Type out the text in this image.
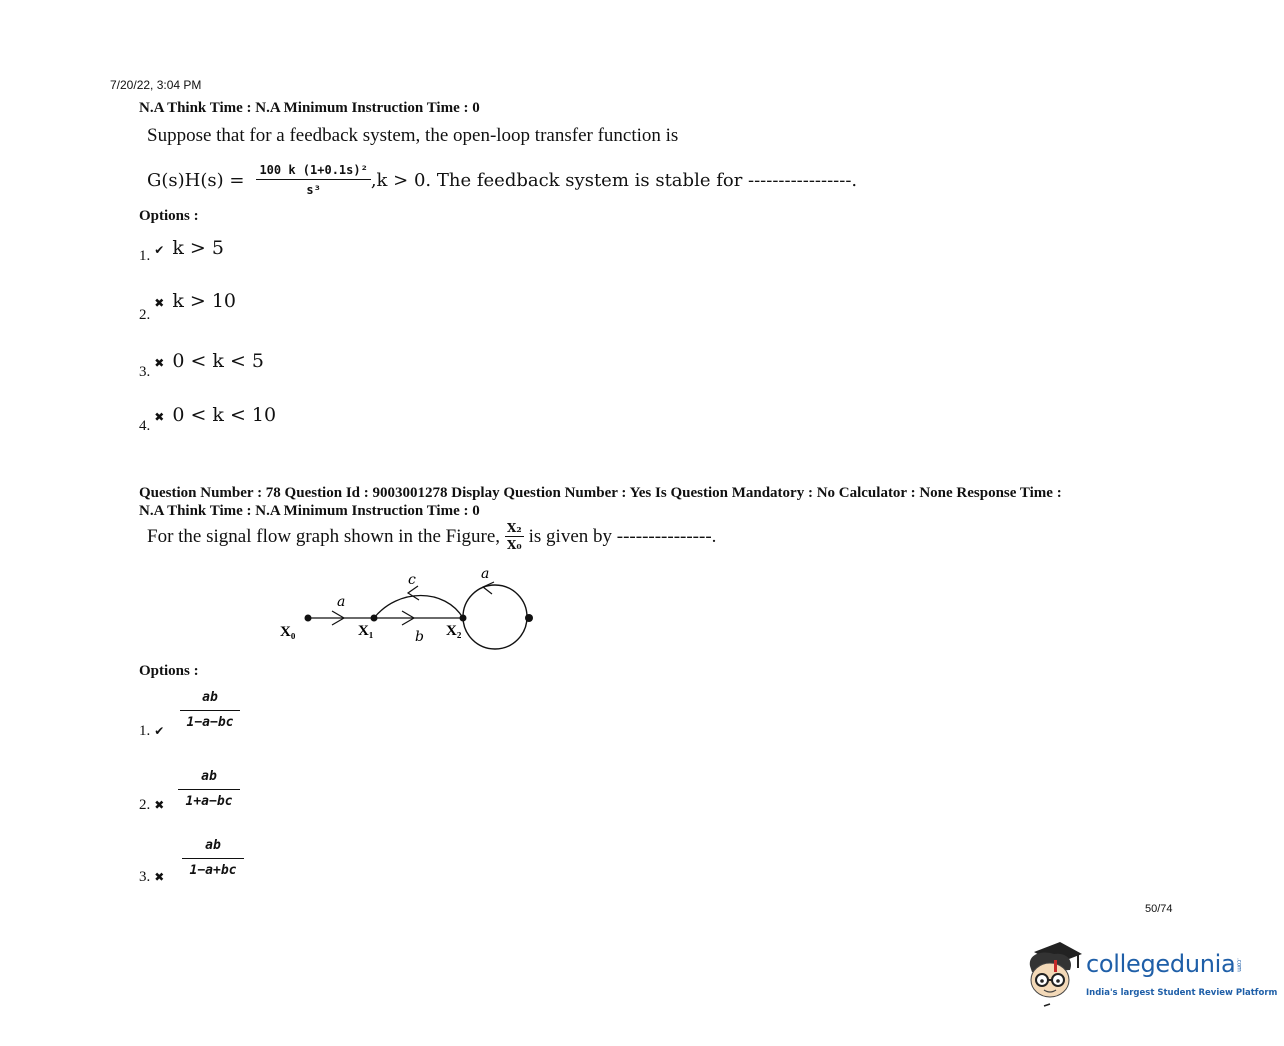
7/20/22, 3:04 PM
N.A Think Time : N.A Minimum Instruction Time : 0
Suppose that for a feedback system, the open-loop transfer function is
$G(s)H(s) = \frac{\text{100 k (1+0.1s)²}}{\text{s³}} ,k > 0$. The feedback system is stable for -----------------.
Options :
1. ✔ k > 5
2. ✖ k > 10
3. ✖ 0 < k < 5
4. ✖ 0 < k < 10
Question Number : 78 Question Id : 9003001278 Display Question Number : Yes Is Question Mandatory : No Calculator : None Response Time :
N.A Think Time : N.A Minimum Instruction Time : 0
For the signal flow graph shown in the Figure, $\frac{\text{X₂}}{\text{X₀}}$ is given by ---------------.
X₀	X₁	X₂
a
b
c	a
Options :
1. ✔
$\frac{ab}{1-a-bc}$
2. ✖ $\frac{ab}{1+a-bc}$
3. ✖ $\frac{ab}{1-a+bc}$
50/74
collegedunia.com
India's largest Student Review Platform
